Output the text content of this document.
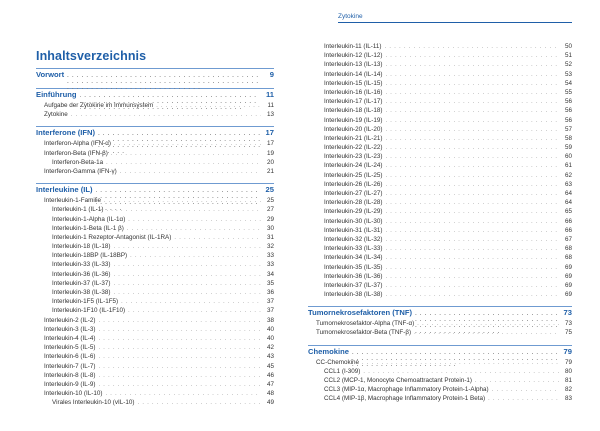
Inhaltsverzeichnis
Vorwort . . .	9
Einführung . . .	11
Aufgabe der Zytokine im Immunsystem . . .	11
Zytokine . . .	13
Interferone (IFN) . . .	17
Interferon-Alpha (IFN-α) . . .	17
Interferon-Beta (IFN-β) . . .	19
Interferon-Beta-1a . . .	20
Interferon-Gamma (IFN-γ) . . .	21
Interleukine (IL) . . .	25
Interleukin-1-Familie . . .	25
Interleukin-1 (IL-1) . . .	27
Interleukin-1-Alpha (IL-1α) . . .	29
Interleukin-1-Beta (IL-1 β) . . .	30
Interleukin-1 Rezeptor-Antagonist (IL-1RA) . . .	31
Interleukin-18 (IL-18) . . .	32
Interleukin-18BP (IL-18BP) . . .	33
Interleukin-33 (IL-33) . . .	33
Interleukin-36 (IL-36) . . .	34
Interleukin-37 (IL-37) . . .	35
Interleukin-38 (IL-38) . . .	36
Interleukin-1F5 (IL-1F5) . . .	37
Interleukin-1F10 (IL-1F10) . . .	37
Interleukin-2 (IL-2) . . .	38
Interleukin-3 (IL-3) . . .	40
Interleukin-4 (IL-4) . . .	40
Interleukin-5 (IL-5) . . .	42
Interleukin-6 (IL-6) . . .	43
Interleukin-7 (IL-7) . . .	45
Interleukin-8 (IL-8) . . .	46
Interleukin-9 (IL-9) . . .	47
Interleukin-10 (IL-10) . . .	48
Virales Interleukin-10 (vIL-10) . . .	49
Zytokine
Interleukin-11 (IL-11) . . .	50
Interleukin-12 (IL-12) . . .	51
Interleukin-13 (IL-13) . . .	52
Interleukin-14 (IL-14) . . .	53
Interleukin-15 (IL-15) . . .	54
Interleukin-16 (IL-16) . . .	55
Interleukin-17 (IL-17) . . .	56
Interleukin-18 (IL-18) . . .	56
Interleukin-19 (IL-19) . . .	56
Interleukin-20 (IL-20) . . .	57
Interleukin-21 (IL-21) . . .	58
Interleukin-22 (IL-22) . . .	59
Interleukin-23 (IL-23) . . .	60
Interleukin-24 (IL-24) . . .	61
Interleukin-25 (IL-25) . . .	62
Interleukin-26 (IL-26) . . .	63
Interleukin-27 (IL-27) . . .	64
Interleukin-28 (IL-28) . . .	64
Interleukin-29 (IL-29) . . .	65
Interleukin-30 (IL-30) . . .	66
Interleukin-31 (IL-31) . . .	66
Interleukin-32 (IL-32) . . .	67
Interleukin-33 (IL-33) . . .	68
Interleukin-34 (IL-34) . . .	68
Interleukin-35 (IL-35) . . .	69
Interleukin-36 (IL-36) . . .	69
Interleukin-37 (IL-37) . . .	69
Interleukin-38 (IL-38) . . .	69
Tumornekrosefaktoren (TNF) . . .	73
Tumornekrosefaktor-Alpha (TNF-α) . . .	73
Tumornekrosefaktor-Beta (TNF-β) . . .	75
Chemokine . . .	79
CC-Chemokine . . .	79
CCL1 (I-309) . . .	80
CCL2 (MCP-1, Monocyte Chemoattractant Protein-1) . . .	81
CCL3 (MIP-1α, Macrophage Inflammatory Protein-1-Alpha) . . .	82
CCL4 (MIP-1β, Macrophage Inflammatory Protein-1 Beta) . . .	83
